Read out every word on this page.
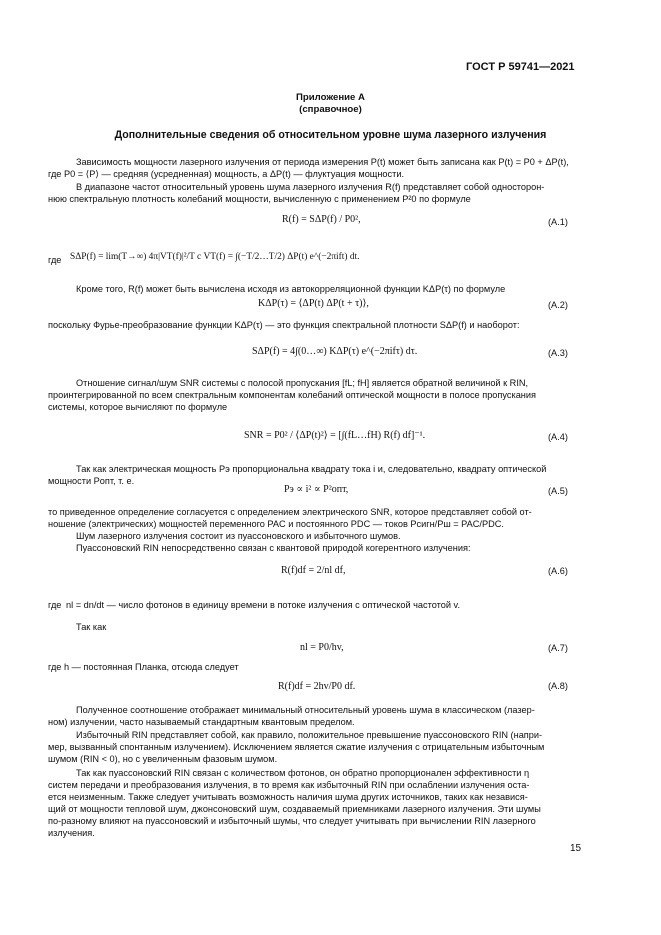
ГОСТ Р 59741—2021
Приложение А
(справочное)
Дополнительные сведения об относительном уровне шума лазерного излучения
Зависимость мощности лазерного излучения от периода измерения P(t) может быть записана как P(t) = P0 + ΔP(t),
где P0 = ⟨P⟩ — средняя (усредненная) мощность, а ΔP(t) — флуктуация мощности.
В диапазоне частот относительный уровень шума лазерного излучения R(f) представляет собой односторон-
нюю спектральную плотность колебаний мощности, вычисленную с применением P²0 по формуле
R(f) = SΔP(f) / P0²,	(A.1)
где SΔP(f) = lim(T→∞) 4π|VT(f)|²/T с VT(f) = ∫(−T/2…T/2) ΔP(t) e^(−2πift) dt.
Кроме того, R(f) может быть вычислена исходя из автокорреляционной функции KΔP(τ) по формуле
KΔP(τ) = ⟨ΔP(t) ΔP(t + τ)⟩,	(A.2)
поскольку Фурье-преобразование функции KΔP(τ) — это функция спектральной плотности SΔP(f) и наоборот:
SΔP(f) = 4∫(0…∞) KΔP(τ) e^(−2πifτ) dτ.	(A.3)
Отношение сигнал/шум SNR системы с полосой пропускания [fL; fH] является обратной величиной к RIN,
проинтегрированной по всем спектральным компонентам колебаний оптической мощности в полосе пропускания
системы, которое вычисляют по формуле
SNR = P0² / ⟨ΔP(t)²⟩ = [∫(fL…fH) R(f) df]⁻¹.	(A.4)
Так как электрическая мощность Pэ пропорциональна квадрату тока i и, следовательно, квадрату оптической
мощности Pопт, т. е.
Pэ ∝ i² ∝ P²опт,	(A.5)
то приведенное определение согласуется с определением электрического SNR, которое представляет собой от-
ношение (электрических) мощностей переменного PAC и постоянного PDC — токов Pсигн/Pш = PAC/PDC.
Шум лазерного излучения состоит из пуассоновского и избыточного шумов.
Пуассоновский RIN непосредственно связан с квантовой природой когерентного излучения:
R(f)df = 2/nl df,	(A.6)
где nl = dn/dt — число фотонов в единицу времени в потоке излучения с оптической частотой v.
Так как
nl = P0/hv,	(A.7)
где h — постоянная Планка, отсюда следует
R(f)df = 2hv/P0 df.	(A.8)
Полученное соотношение отображает минимальный относительный уровень шума в классическом (лазер-
ном) излучении, часто называемый стандартным квантовым пределом.
Избыточный RIN представляет собой, как правило, положительное превышение пуассоновского RIN (напри-
мер, вызванный спонтанным излучением). Исключением является сжатие излучения с отрицательным избыточным
шумом (RIN < 0), но с увеличенным фазовым шумом.
Так как пуассоновский RIN связан с количеством фотонов, он обратно пропорционален эффективности η
систем передачи и преобразования излучения, в то время как избыточный RIN при ослаблении излучения оста-
ется неизменным. Также следует учитывать возможность наличия шума других источников, таких как независя-
щий от мощности тепловой шум, джонсоновский шум, создаваемый приемниками лазерного излучения. Эти шумы
по-разному влияют на пуассоновский и избыточный шумы, что следует учитывать при вычислении RIN лазерного
излучения.
15
